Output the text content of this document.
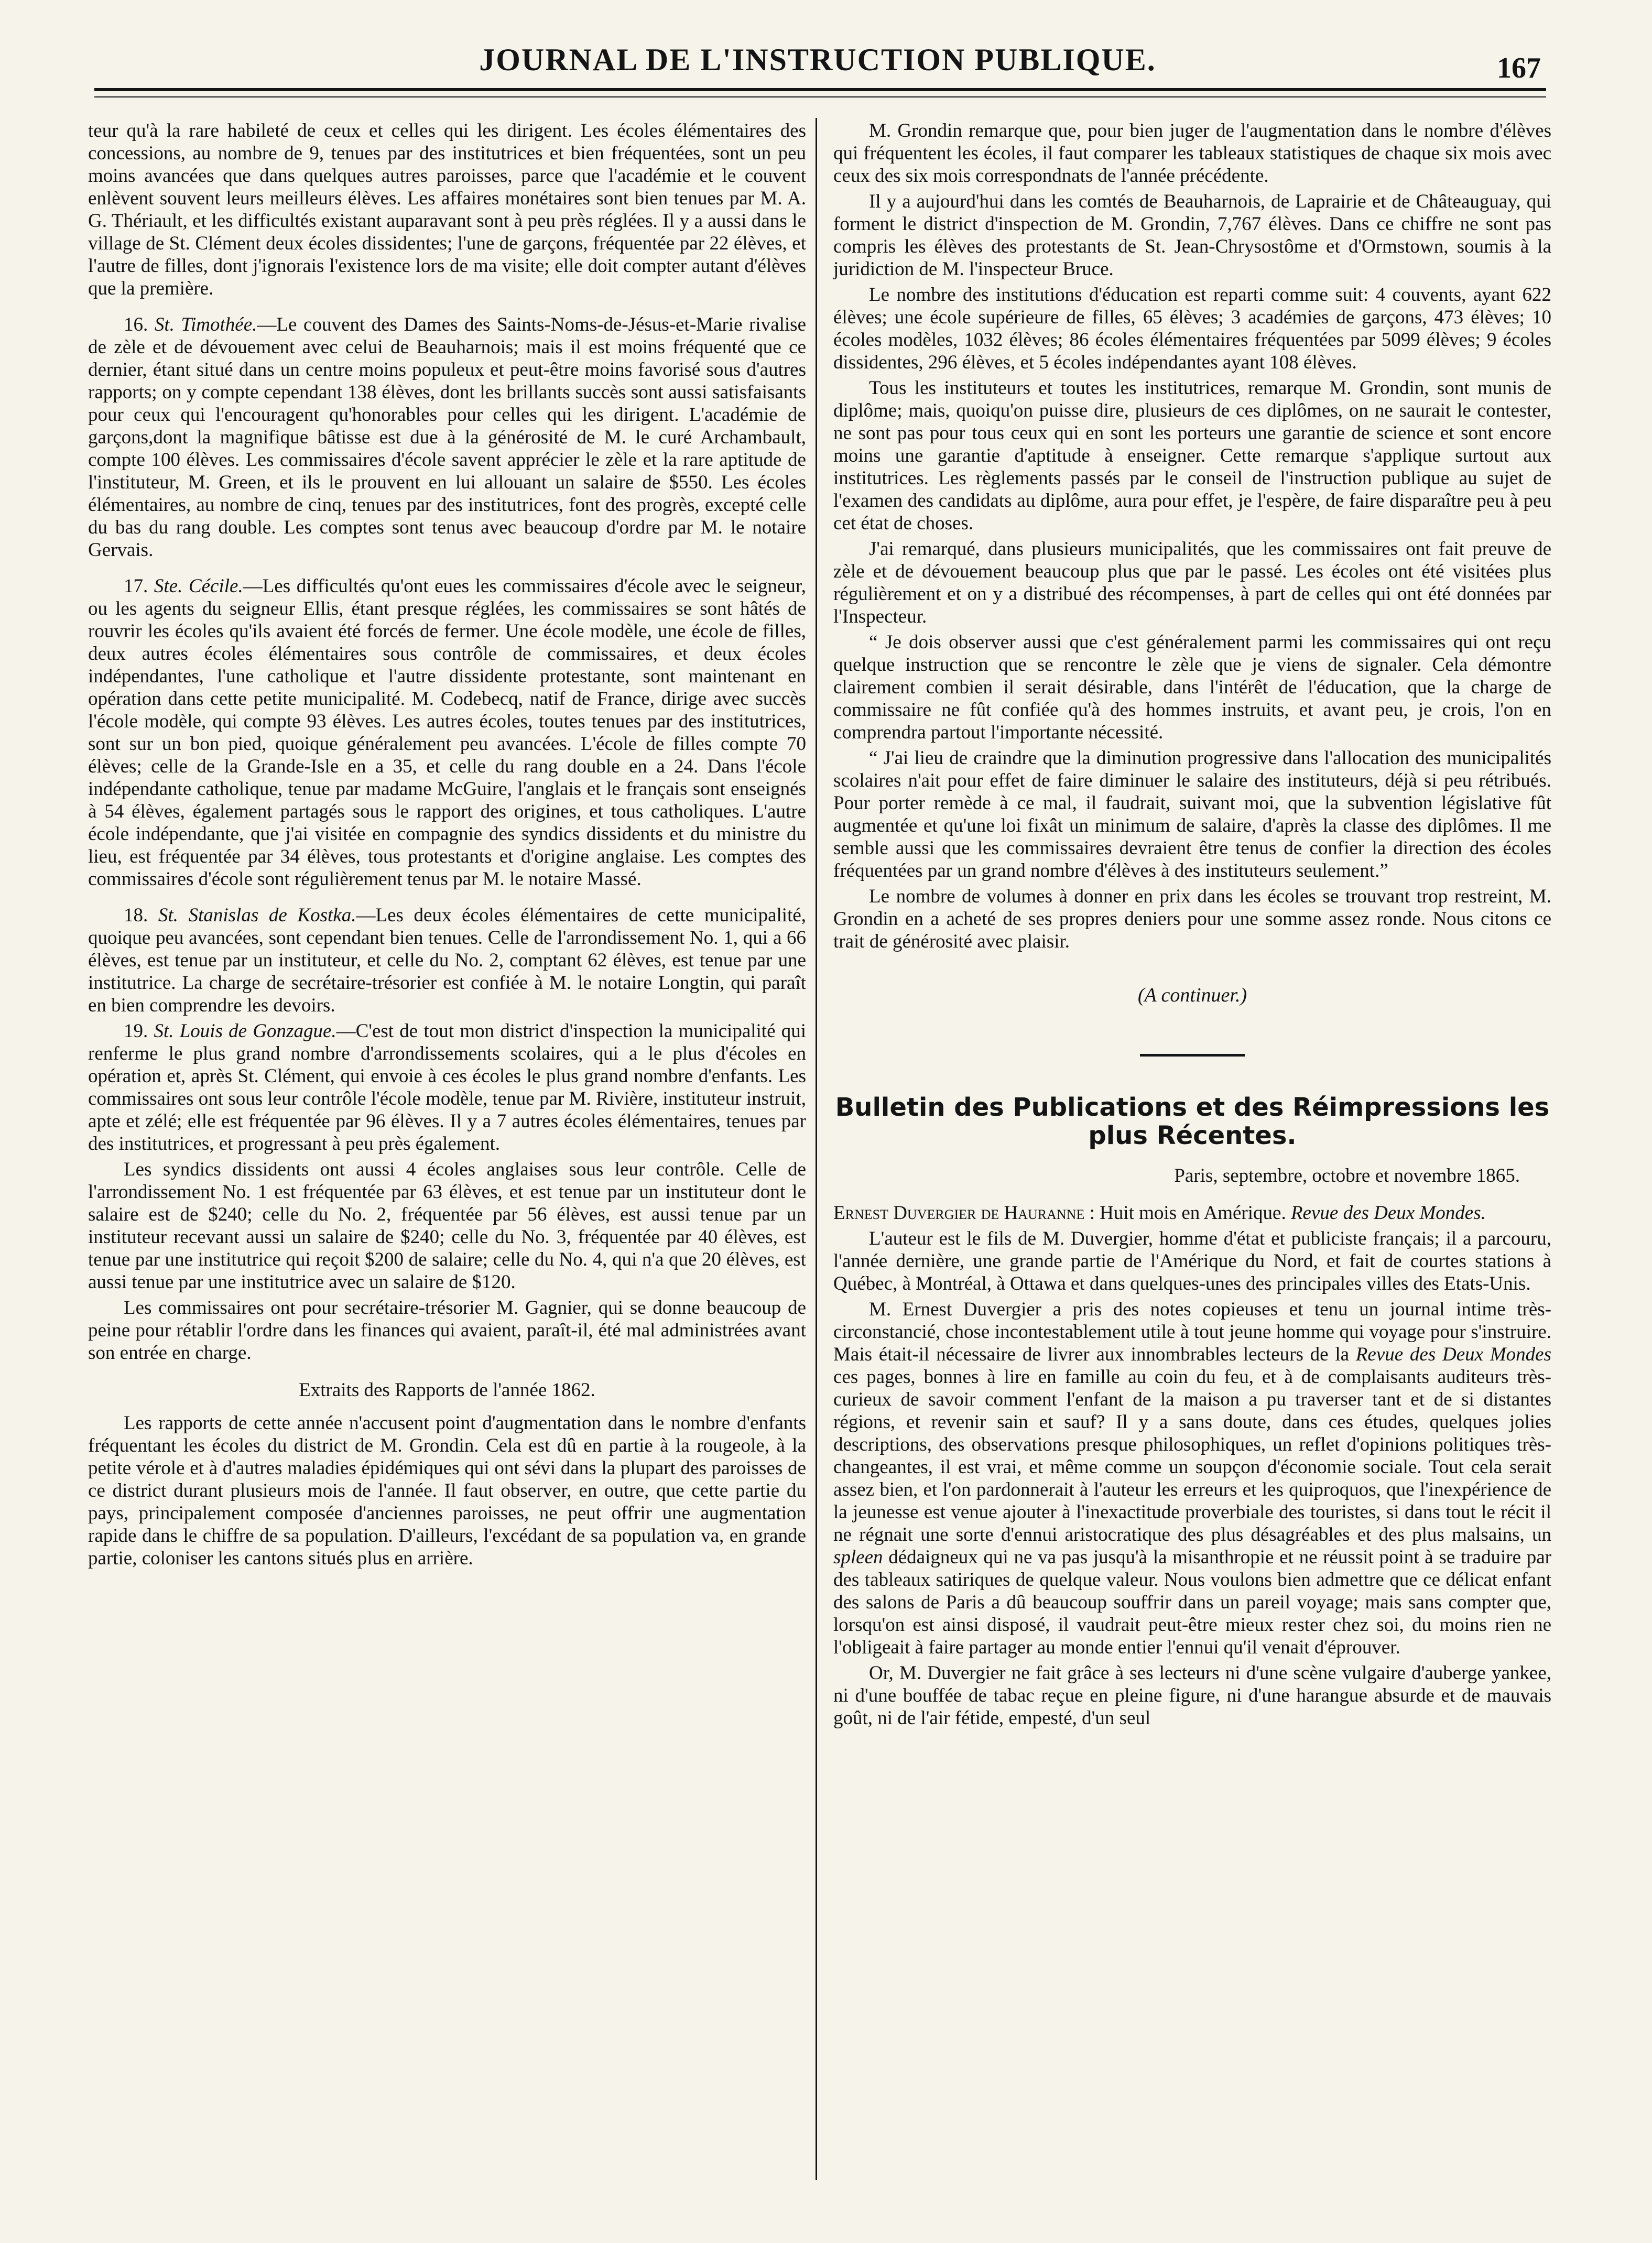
JOURNAL DE L'INSTRUCTION PUBLIQUE.	167

teur qu'à la rare habileté de ceux et celles qui les dirigent. Les écoles élémentaires des concessions, au nombre de 9, tenues par des institutrices et bien fréquentées, sont un peu moins avancées que dans quelques autres paroisses, parce que l'académie et le couvent enlèvent souvent leurs meilleurs élèves. Les affaires monétaires sont bien tenues par M. A. G. Thériault, et les difficultés existant auparavant sont à peu près réglées. Il y a aussi dans le village de St. Clément deux écoles dissidentes; l'une de garçons, fréquentée par 22 élèves, et l'autre de filles, dont j'ignorais l'existence lors de ma visite; elle doit compter autant d'élèves que la première.

16. St. Timothée.—Le couvent des Dames des Saints-Noms-de-Jésus-et-Marie rivalise de zèle et de dévouement avec celui de Beauharnois; mais il est moins fréquenté que ce dernier, étant situé dans un centre moins populeux et peut-être moins favorisé sous d'autres rapports; on y compte cependant 138 élèves, dont les brillants succès sont aussi satisfaisants pour ceux qui l'encouragent qu'honorables pour celles qui les dirigent. L'académie de garçons,dont la magnifique bâtisse est due à la générosité de M. le curé Archambault, compte 100 élèves. Les commissaires d'école savent apprécier le zèle et la rare aptitude de l'instituteur, M. Green, et ils le prouvent en lui allouant un salaire de $550. Les écoles élémentaires, au nombre de cinq, tenues par des institutrices, font des progrès, excepté celle du bas du rang double. Les comptes sont tenus avec beaucoup d'ordre par M. le notaire Gervais.

17. Ste. Cécile.—Les difficultés qu'ont eues les commissaires d'école avec le seigneur, ou les agents du seigneur Ellis, étant presque réglées, les commissaires se sont hâtés de rouvrir les écoles qu'ils avaient été forcés de fermer. Une école modèle, une école de filles, deux autres écoles élémentaires sous contrôle de commissaires, et deux écoles indépendantes, l'une catholique et l'autre dissidente protestante, sont maintenant en opération dans cette petite municipalité. M. Codebecq, natif de France, dirige avec succès l'école modèle, qui compte 93 élèves. Les autres écoles, toutes tenues par des institutrices, sont sur un bon pied, quoique généralement peu avancées. L'école de filles compte 70 élèves; celle de la Grande-Isle en a 35, et celle du rang double en a 24. Dans l'école indépendante catholique, tenue par madame McGuire, l'anglais et le français sont enseignés à 54 élèves, également partagés sous le rapport des origines, et tous catholiques. L'autre école indépendante, que j'ai visitée en compagnie des syndics dissidents et du ministre du lieu, est fréquentée par 34 élèves, tous protestants et d'origine anglaise. Les comptes des commissaires d'école sont régulièrement tenus par M. le notaire Massé.

18. St. Stanislas de Kostka.—Les deux écoles élémentaires de cette municipalité, quoique peu avancées, sont cependant bien tenues. Celle de l'arrondissement No. 1, qui a 66 élèves, est tenue par un instituteur, et celle du No. 2, comptant 62 élèves, est tenue par une institutrice. La charge de secrétaire-trésorier est confiée à M. le notaire Longtin, qui paraît en bien comprendre les devoirs.

19. St. Louis de Gonzague.—C'est de tout mon district d'inspection la municipalité qui renferme le plus grand nombre d'arrondissements scolaires, qui a le plus d'écoles en opération et, après St. Clément, qui envoie à ces écoles le plus grand nombre d'enfants. Les commissaires ont sous leur contrôle l'école modèle, tenue par M. Rivière, instituteur instruit, apte et zélé; elle est fréquentée par 96 élèves. Il y a 7 autres écoles élémentaires, tenues par des institutrices, et progressant à peu près également.

Les syndics dissidents ont aussi 4 écoles anglaises sous leur contrôle. Celle de l'arrondissement No. 1 est fréquentée par 63 élèves, et est tenue par un instituteur dont le salaire est de $240; celle du No. 2, fréquentée par 56 élèves, est aussi tenue par un instituteur recevant aussi un salaire de $240; celle du No. 3, fréquentée par 40 élèves, est tenue par une institutrice qui reçoit $200 de salaire; celle du No. 4, qui n'a que 20 élèves, est aussi tenue par une institutrice avec un salaire de $120.

Les commissaires ont pour secrétaire-trésorier M. Gagnier, qui se donne beaucoup de peine pour rétablir l'ordre dans les finances qui avaient, paraît-il, été mal administrées avant son entrée en charge.

Extraits des Rapports de l'année 1862.

Les rapports de cette année n'accusent point d'augmentation dans le nombre d'enfants fréquentant les écoles du district de M. Grondin. Cela est dû en partie à la rougeole, à la petite vérole et à d'autres maladies épidémiques qui ont sévi dans la plupart des paroisses de ce district durant plusieurs mois de l'année. Il faut observer, en outre, que cette partie du pays, principalement composée d'anciennes paroisses, ne peut offrir une augmentation rapide dans le chiffre de sa population. D'ailleurs, l'excédant de sa population va, en grande partie, coloniser les cantons situés plus en arrière.

M. Grondin remarque que, pour bien juger de l'augmentation dans le nombre d'élèves qui fréquentent les écoles, il faut comparer les tableaux statistiques de chaque six mois avec ceux des six mois correspondnats de l'année précédente.

Il y a aujourd'hui dans les comtés de Beauharnois, de Laprairie et de Châteauguay, qui forment le district d'inspection de M. Grondin, 7,767 élèves. Dans ce chiffre ne sont pas compris les élèves des protestants de St. Jean-Chrysostôme et d'Ormstown, soumis à la juridiction de M. l'inspecteur Bruce.

Le nombre des institutions d'éducation est reparti comme suit: 4 couvents, ayant 622 élèves; une école supérieure de filles, 65 élèves; 3 académies de garçons, 473 élèves; 10 écoles modèles, 1032 élèves; 86 écoles élémentaires fréquentées par 5099 élèves; 9 écoles dissidentes, 296 élèves, et 5 écoles indépendantes ayant 108 élèves.

Tous les instituteurs et toutes les institutrices, remarque M. Grondin, sont munis de diplôme; mais, quoiqu'on puisse dire, plusieurs de ces diplômes, on ne saurait le contester, ne sont pas pour tous ceux qui en sont les porteurs une garantie de science et sont encore moins une garantie d'aptitude à enseigner. Cette remarque s'applique surtout aux institutrices. Les règlements passés par le conseil de l'instruction publique au sujet de l'examen des candidats au diplôme, aura pour effet, je l'espère, de faire disparaître peu à peu cet état de choses.

J'ai remarqué, dans plusieurs municipalités, que les commissaires ont fait preuve de zèle et de dévouement beaucoup plus que par le passé. Les écoles ont été visitées plus régulièrement et on y a distribué des récompenses, à part de celles qui ont été données par l'Inspecteur.

“ Je dois observer aussi que c'est généralement parmi les commissaires qui ont reçu quelque instruction que se rencontre le zèle que je viens de signaler. Cela démontre clairement combien il serait désirable, dans l'intérêt de l'éducation, que la charge de commissaire ne fût confiée qu'à des hommes instruits, et avant peu, je crois, l'on en comprendra partout l'importante nécessité.

“ J'ai lieu de craindre que la diminution progressive dans l'allocation des municipalités scolaires n'ait pour effet de faire diminuer le salaire des instituteurs, déjà si peu rétribués. Pour porter remède à ce mal, il faudrait, suivant moi, que la subvention législative fût augmentée et qu'une loi fixât un minimum de salaire, d'après la classe des diplômes. Il me semble aussi que les commissaires devraient être tenus de confier la direction des écoles fréquentées par un grand nombre d'élèves à des instituteurs seulement.”

Le nombre de volumes à donner en prix dans les écoles se trouvant trop restreint, M. Grondin en a acheté de ses propres deniers pour une somme assez ronde. Nous citons ce trait de générosité avec plaisir.

(A continuer.)
Bulletin des Publications et des Réimpressions les plus Récentes.

Paris, septembre, octobre et novembre 1865.

Ernest Duvergier de Hauranne : Huit mois en Amérique. Revue des Deux Mondes.

L'auteur est le fils de M. Duvergier, homme d'état et publiciste français; il a parcouru, l'année dernière, une grande partie de l'Amérique du Nord, et fait de courtes stations à Québec, à Montréal, à Ottawa et dans quelques-unes des principales villes des Etats-Unis.

M. Ernest Duvergier a pris des notes copieuses et tenu un journal intime très-circonstancié, chose incontestablement utile à tout jeune homme qui voyage pour s'instruire. Mais était-il nécessaire de livrer aux innombrables lecteurs de la Revue des Deux Mondes ces pages, bonnes à lire en famille au coin du feu, et à de complaisants auditeurs très-curieux de savoir comment l'enfant de la maison a pu traverser tant et de si distantes régions, et revenir sain et sauf? Il y a sans doute, dans ces études, quelques jolies descriptions, des observations presque philosophiques, un reflet d'opinions politiques très-changeantes, il est vrai, et même comme un soupçon d'économie sociale. Tout cela serait assez bien, et l'on pardonnerait à l'auteur les erreurs et les quiproquos, que l'inexpérience de la jeunesse est venue ajouter à l'inexactitude proverbiale des touristes, si dans tout le récit il ne régnait une sorte d'ennui aristocratique des plus désagréables et des plus malsains, un spleen dédaigneux qui ne va pas jusqu'à la misanthropie et ne réussit point à se traduire par des tableaux satiriques de quelque valeur. Nous voulons bien admettre que ce délicat enfant des salons de Paris a dû beaucoup souffrir dans un pareil voyage; mais sans compter que, lorsqu'on est ainsi disposé, il vaudrait peut-être mieux rester chez soi, du moins rien ne l'obligeait à faire partager au monde entier l'ennui qu'il venait d'éprouver.

Or, M. Duvergier ne fait grâce à ses lecteurs ni d'une scène vulgaire d'auberge yankee, ni d'une bouffée de tabac reçue en pleine figure, ni d'une harangue absurde et de mauvais goût, ni de l'air fétide, empesté, d'un seul
